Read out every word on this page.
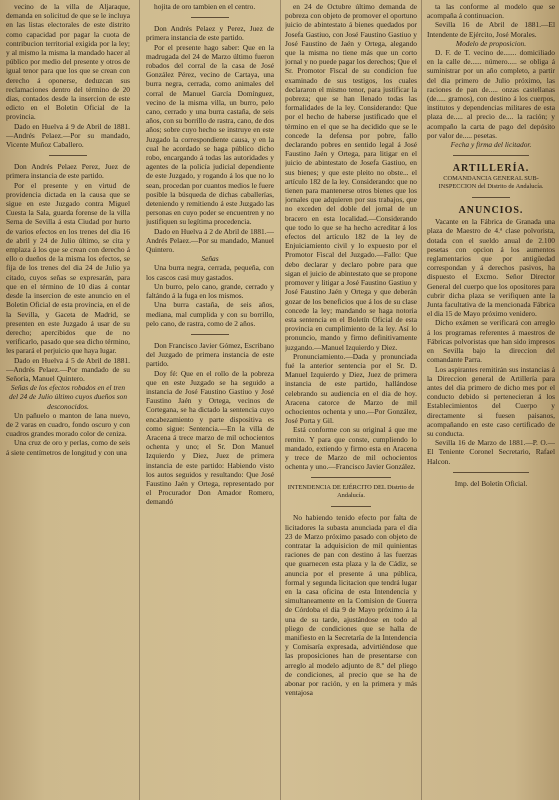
vecino de la villa de Aljaraque, demanda en solicitud de que se le incluya en las listas electorales de este distrito como capacidad por pagar la cuota de contribucion territorial exigida por la ley; y al mismo la misma la mandado hacer al público por medio del presente y otros de igual tenor para que los que se crean con derecho á oponerse, deduzcan sus reclamaciones dentro del término de 20 dias, contados desde la insercion de este edicto en el Boletin Oficial de la provincia.

Dado en Huelva á 9 de Abril de 1881.—Andrés Pelaez.—Por su mandado, Vicente Muñoz Caballero.

Don Andrés Pelaez Perez, Juez de primera instancia de este partido.

Por el presente y en virtud de providencia dictada en la causa que se sigue en este Juzgado contra Miguel Cuesta la Sala, guarda forense de la villa Serna de Sevilla á esta Ciudad por hurto de varios efectos en los trenes del dia 16 de abril y 24 de Julio último, se cita y emplaza á los que se crean con derecho á ello o dueños de la misma los efectos, se fija de los trenes del dia 24 de Julio ya citado, cuyos señas se expresarán, para que en el término de 10 dias á contar desde la insercion de este anuncio en el Boletin Oficial de esta provincia, en el de la Sevilla, y Gaceta de Madrid, se presenten en este Juzgado á usar de su derecho; apercibidos que de no verificarlo, pasado que sea dicho término, les parará el perjuicio que haya lugar.

Dado en Huelva á 5 de Abril de 1881.—Andrés Pelaez.—Por mandado de su Señoría, Manuel Quintero.

Señas de los efectos robados en el tren del 24 de Julio último cuyos dueños son desconocidos.

Un pañuelo o manton de lana nuevo, de 2 varas en cuadro, fondo oscuro y con cuadros grandes morado color de ceniza.

Una cruz de oro y perlas, como de seis á siete centímetros de longitud y con una

hojita de oro tambien en el centro.

Don Andrés Pelaez y Perez, Juez de primera instancia de este partido.

Por el presente hago saber: Que en la madrugada del 24 de Marzo último fueron robados del corral de la casa de José González Pérez, vecino de Cartaya, una burra negra, cerrada, como animales del corral de Manuel García Domínguez, vecino de la misma villa, un burro, pelo cano, cerrado y una burra castaña, de seis años, con su borrillo de rastra, cano, de dos años; sobre cuyo hecho se instruye en este Juzgado la correspondiente causa, y en la cual he acordado se haga público dicho robo, encargando á todas las autoridades y agentes de la policía judicial dependiente de este Juzgado, y rogando á los que no lo sean, procedan por cuantos medios le fuere posible la búsqueda de dichas caballerías, deteniendo y remitiendo á este Juzgado las personas en cuyo poder se encuentren y no justifiquen su legítima procedencia.

Dado en Huelva á 2 de Abril de 1881.—Andrés Pelaez.—Por su mandado, Manuel Quintero.

Señas

Una burra negra, cerrada, pequeña, con los cascos casi muy gastados.

Un burro, pelo cano, grande, cerrado y faltándo á la fuga en los mismos.

Una burra castaña, de seis años, mediana, mal cumplida y con su borrillo, pelo cano, de rastra, como de 2 años.

Don Francisco Javier Gómez, Escribano del Juzgado de primera instancia de este partido.

Doy fé: Que en el rollo de la pobreza que en este Juzgado se ha seguido a instancia de José Faustino Gastiuo y José Faustino Jaén y Ortega, vecinos de Cortegana, se ha dictado la sentencia cuyo encabezamiento y parte dispositiva es como sigue: Sentencia.—En la villa de Aracena á trece marzo de mil ochocientos ochenta y uno; el Sr. Don Manuel Izquierdo y Diez, Juez de primera instancia de este partido: Habiendo visto los autos seguidos y resultando: Que José Faustino Jaén y Ortega, representado por el Procurador Don Amador Romero, demandó

en 24 de Octubre último demanda de pobreza con objeto de promover el oportuno juicio de abintestato á bienes quedados por Josefa Gastiuo, con José Faustino Gastiuo y José Faustino de Jaén y Ortega, alegando que la misma no tiene más que un corto jornal y no puede pagar los derechos; Que el Sr. Promotor Fiscal de su condicion fue examinado de sus testigos, los cuales declararon el mismo tenor, para justificar la pobreza; que se han llenado todas las formalidades de la ley. Considerando: Que por el hecho de haberse justificado que el término en el que se ha decidido que se le concede la defensa por pobre, fallo declarando pobres en sentido legal á José Faustino Jaén y Ortega, para litigar en el juicio de abintestato de Josefa Gastiuo, en sus bienes; y que este pleito no obste... el artículo 182 de la ley. Considerando: que no tienen para mantenerse otros bienes que los jornales que adquieren por sus trabajos, que no exceden del doble del jornal de un bracero en esta localidad.—Considerando que todo lo que se ha hecho acreditar á los efectos del artículo 182 de la ley de Enjuiciamiento civil y lo expuesto por el Promotor Fiscal del Juzgado.—Fallo: Que debo declarar y declaro pobre para que sigan el juicio de abintestato que se propone promover y litigar a José Faustino Gastiuo y José Faustino Jaén y Ortega y que deberán gozar de los beneficios que á los de su clase concede la ley; mandando se haga notoria esta sentencia en el Boletín Oficial de esta provincia en cumplimiento de la ley. Así lo pronuncio, mando y firmo definitivamente juzgando.—Manuel Izquierdo y Diez.

Pronunciamiento.—Dada y pronunciada fué la anterior sentencia por el Sr. D. Manuel Izquierdo y Diez, Juez de primera instancia de este partido, hallándose celebrando su audiencia en el dia de hoy. Aracena catorce de Marzo de mil ochocientos ochenta y uno.—Por González, José Porta y Gil.

Está conforme con su original á que me remito. Y para que conste, cumpliendo lo mandado, extiendo y firmo esta en Aracena y trece de Marzo de mil ochocientos ochenta y uno.—Francisco Javier González.

INTENDENCIA DE EJÉRCITO DEL Distrito de Andalucía.

No habiendo tenido efecto por falta de licitadores la subasta anunciada para el dia 23 de Marzo próximo pasado con objeto de contratar la adquisicion de mil quinientas raciones de pan con destino á las fuerzas que guarnecen esta plaza y la de Cádiz, se anuncia por el presente á una pública, formal y segunda licitacion que tendrá lugar en la casa oficina de esta Intendencia y simultaneamente en la Comision de Guerra de Córdoba el dia 9 de Mayo próximo á la una de su tarde, ajustándose en todo al pliego de condiciones que se halla de manifiesto en la Secretaría de la Intendencia y Comisaría expresada, advirtiéndose que las proposiciones han de presentarse con arreglo al modelo adjunto de 8.º del pliego de condiciones, al precio que se ha de abonar por ración, y en la primera y más ventajosa

ta las conforme al modelo que se acompaña á continuacion.

Sevilla 16 de Abril de 1881.—El Intendente de Ejército, José Morales.

Modelo de proposicion.

D. F. de T. vecino de....... domiciliado en la calle de...... número..... se obliga á suministrar por un año completo, a partir del dia primero de Julio próximo, las raciones de pan de..... onzas castellanas (de..... gramos), con destino á los cuerpos, institutos y dependencias militares de esta plaza de..... al precio de.... la ración; y acompaño la carta de pago del depósito por valor de..... pesetas.

Fecha y firma del licitador.

ARTILLERÍA.

COMANDANCIA GENERAL SUB-INSPECCION del Distrito de Andalucía.

ANUNCIOS.

Vacante en la Fábrica de Granada una plaza de Maestro de 4.ª clase polvorista, dotada con el sueldo anual de 2.100 pesetas con opcion á los aumentos reglamentarios que por antigüedad correspondan y á derechos pasivos, ha dispuesto el Excmo. Señor Director General del cuerpo que los opositores para cubrir dicha plaza se verifiquen ante la Junta facultativa de la mencionada Fábrica el dia 15 de Mayo próximo venidero.

Dicho exámen se verificará con arreglo á los programas referentes á maestros de Fábricas polvoristas que han sido impresos en Sevilla bajo la direccion del comandante Parra.

Los aspirantes remitirán sus instancias á la Direccion general de Artillería para antes del dia primero de dicho mes por el conducto debido si pertenecieran á los Establecimientos del Cuerpo y directamente si fuesen paisanos, acompañando en este caso certificado de su conducta.

Sevilla 16 de Marzo de 1881.—P. O.—El Teniente Coronel Secretario, Rafael Halcon.

Imp. del Boletín Oficial.
